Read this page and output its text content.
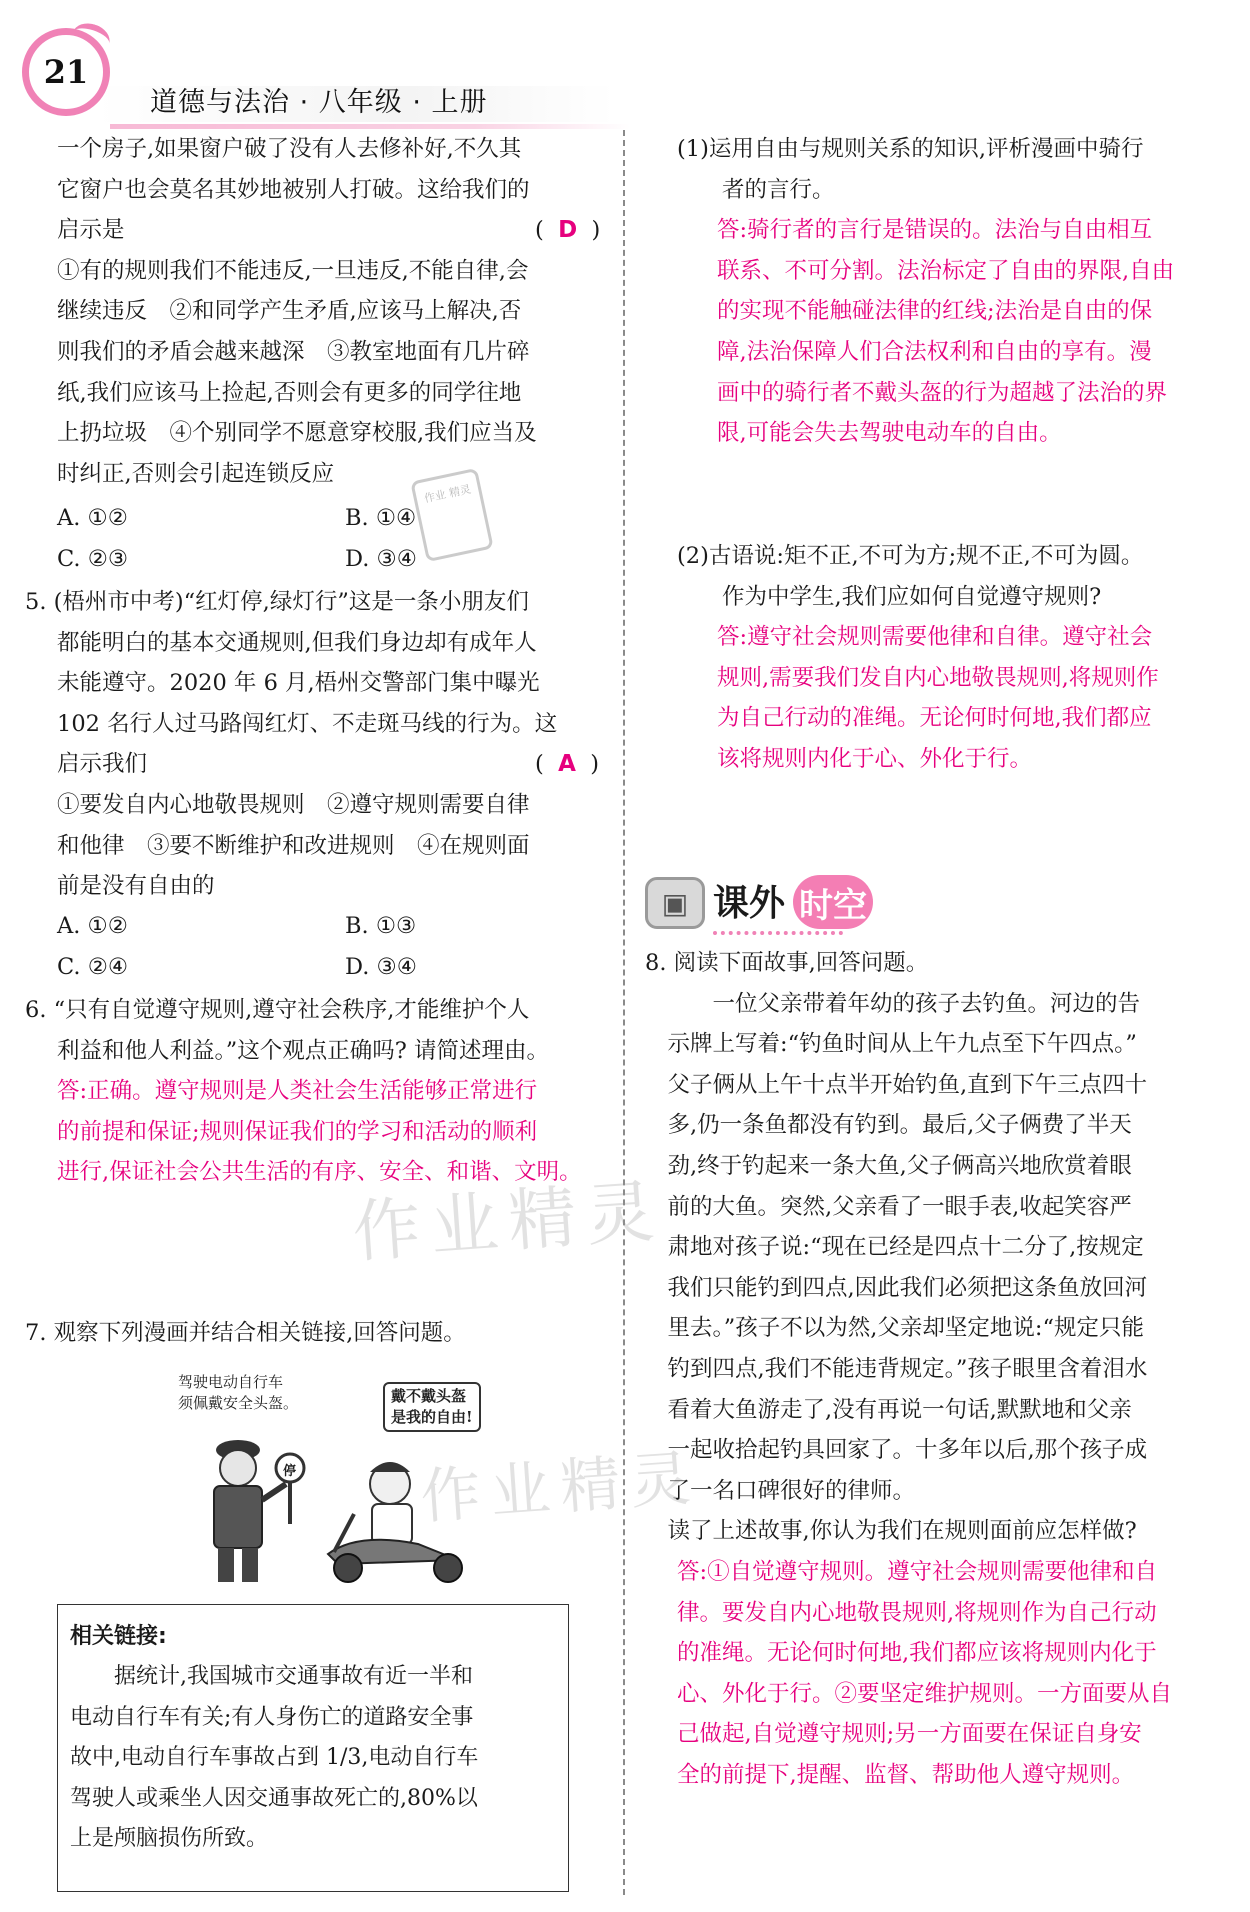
21
道德与法治 · 八年级 · 上册
作业精灵
作业精灵
作业 精灵
一个房子,如果窗户破了没有人去修补好,不久其
它窗户也会莫名其妙地被别人打破。这给我们的
启示是	(  D  )
①有的规则我们不能违反,一旦违反,不能自律,会
继续违反　②和同学产生矛盾,应该马上解决,否
则我们的矛盾会越来越深　③教室地面有几片碎
纸,我们应该马上捡起,否则会有更多的同学往地
上扔垃圾　④个别同学不愿意穿校服,我们应当及
时纠正,否则会引起连锁反应
A. ①②	B. ①④
C. ②③	D. ③④
5. (梧州市中考)“红灯停,绿灯行”这是一条小朋友们
都能明白的基本交通规则,但我们身边却有成年人
未能遵守。2020 年 6 月,梧州交警部门集中曝光
102 名行人过马路闯红灯、不走斑马线的行为。这
启示我们	(  A  )
①要发自内心地敬畏规则　②遵守规则需要自律
和他律　③要不断维护和改进规则　④在规则面
前是没有自由的
A. ①②	B. ①③
C. ②④	D. ③④
6. “只有自觉遵守规则,遵守社会秩序,才能维护个人
利益和他人利益。”这个观点正确吗? 请简述理由。
答:正确。遵守规则是人类社会生活能够正常进行
的前提和保证;规则保证我们的学习和活动的顺利
进行,保证社会公共生活的有序、安全、和谐、文明。
7. 观察下列漫画并结合相关链接,回答问题。
驾驶电动自行车
须佩戴安全头盔。	戴不戴头盔
是我的自由!
停
相关链接:
　　据统计,我国城市交通事故有近一半和
电动自行车有关;有人身伤亡的道路安全事
故中,电动自行车事故占到 1/3,电动自行车
驾驶人或乘坐人因交通事故死亡的,80%以
上是颅脑损伤所致。
(1)运用自由与规则关系的知识,评析漫画中骑行
　　者的言行。
答:骑行者的言行是错误的。法治与自由相互
联系、不可分割。法治标定了自由的界限,自由
的实现不能触碰法律的红线;法治是自由的保
障,法治保障人们合法权利和自由的享有。漫
画中的骑行者不戴头盔的行为超越了法治的界
限,可能会失去驾驶电动车的自由。
(2)古语说:矩不正,不可为方;规不正,不可为圆。
　　作为中学生,我们应如何自觉遵守规则?
答:遵守社会规则需要他律和自律。遵守社会
规则,需要我们发自内心地敬畏规则,将规则作
为自己行动的准绳。无论何时何地,我们都应
该将规则内化于心、外化于行。
▣ 课外 时空
8. 阅读下面故事,回答问题。
　　　一位父亲带着年幼的孩子去钓鱼。河边的告
　示牌上写着:“钓鱼时间从上午九点至下午四点。”
　父子俩从上午十点半开始钓鱼,直到下午三点四十
　多,仍一条鱼都没有钓到。最后,父子俩费了半天
　劲,终于钓起来一条大鱼,父子俩高兴地欣赏着眼
　前的大鱼。突然,父亲看了一眼手表,收起笑容严
　肃地对孩子说:“现在已经是四点十二分了,按规定
　我们只能钓到四点,因此我们必须把这条鱼放回河
　里去。”孩子不以为然,父亲却坚定地说:“规定只能
　钓到四点,我们不能违背规定。”孩子眼里含着泪水
　看着大鱼游走了,没有再说一句话,默默地和父亲
　一起收拾起钓具回家了。十多年以后,那个孩子成
　了一名口碑很好的律师。
　读了上述故事,你认为我们在规则面前应怎样做?
答:①自觉遵守规则。遵守社会规则需要他律和自
律。要发自内心地敬畏规则,将规则作为自己行动
的准绳。无论何时何地,我们都应该将规则内化于
心、外化于行。②要坚定维护规则。一方面要从自
己做起,自觉遵守规则;另一方面要在保证自身安
全的前提下,提醒、监督、帮助他人遵守规则。
